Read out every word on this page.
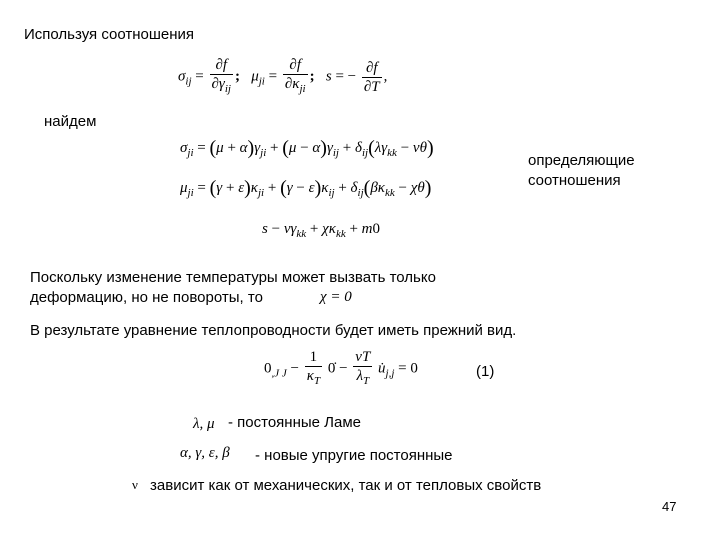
Используя соотношения
$\sigma_{ij} = \frac{\partial f}{\partial\gamma_{ij}}$ ; $\mu_{ji} = \frac{\partial f}{\partial\kappa_{ji}}$ ; s = − $\frac{\partial f}{\partial T}$ ,
найдем
$\sigma_{ji} = (\mu + \alpha)\gamma_{ji} + (\mu - \alpha)\gamma_{ij} + \delta_{ij}(\lambda\gamma_{kk} - \nu\theta)$
$\mu_{ji} = (\gamma + \varepsilon)\kappa_{ji} + (\gamma - \varepsilon)\kappa_{ij} + \delta_{ij}(\beta\kappa_{kk} - \chi\theta)$
$s - \nu\gamma_{kk} + \chi\kappa_{kk} + m0$
определяющие
соотношения
Поскольку изменение температуры может вызвать только
деформацию, но не повороты, то	χ = 0
В результате уравнение теплопроводности будет иметь прежний вид.
$0_{,J J} - \frac{1}{\kappa_T}$ 0̇ − $\frac{\nu T}{\lambda_T}$ $u̇_{j,j} = 0$	(1)
λ, μ - постоянные Ламе
α, γ, ε, β - новые упругие постоянные
ν зависит как от механических, так и от тепловых свойств
47
